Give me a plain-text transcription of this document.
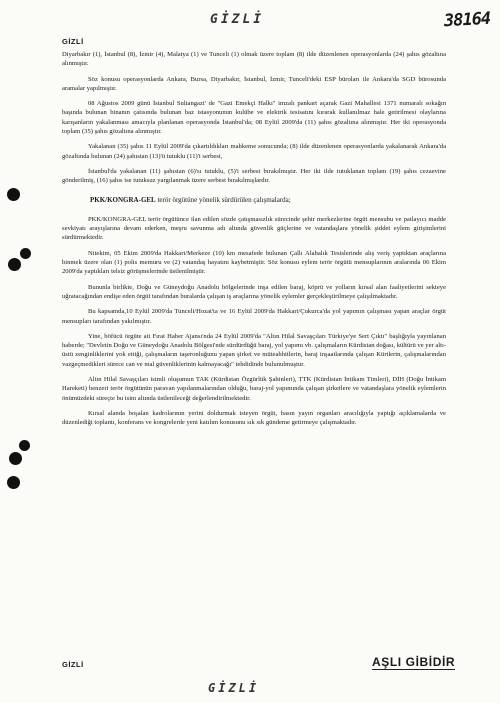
38164
GİZLİ
GİZLİ

Diyarbakır (1), İstanbul (8), İzmir (4), Malatya (1) ve Tunceli (1) olmak üzere toplam (8) ilde düzenlenen operasyonlarda (24) şahıs gözaltına alınmıştır.

Söz konusu operasyonlarda Ankara, Bursa, Diyarbakır, İstanbul, İzmir, Tunceli'deki ESP büroları ile Ankara'da SGD bürosunda aramalar yapılmıştır.

08 Ağustos 2009 günü İstanbul Sultangazi' de "Gazi Emekçi Halkı" imzalı pankart açarak Gazi Mahallesi 1371 numaralı sokağın başında bulunan binanın çatısında bulunan baz istasyonunun kulübe ve elektrik tesisatını kırarak kullanılmaz hale getirilmesi olaylarına karışanların yakalanması amacıyla planlanan operasyonda İstanbul'da; 08 Eylül 2009'da (11) şahıs gözaltına alınmıştır. Her iki operasyonda toplam (35) şahıs gözaltına alınmıştır.

Yakalanan (35) şahıs 11 Eylül 2009'da çıkartıldıkları mahkeme sonucunda; (8) ilde düzenlenen operasyonlarda yakalanarak Ankara'da gözaltında bulunan (24) şahıstan (13)'ü tutuklu (11)'i serbest,

İstanbul'da yakalanan (11) şahıstan (6)'sı tutuklu, (5)'i serbest bırakılmıştır. Her iki ilde tutuklanan toplam (19) şahıs cezaevine gönderilmiş, (16) şahıs ise tutuksuz yargılanmak üzere serbest bırakılmışlardır.

PKK/KONGRA-GEL terör örgütüne yönelik sürdürülen çalışmalarda;

PKK/KONGRA-GEL terör örgütünce ilan edilen sözde çatışmasızlık sürecinde şehir merkezlerine örgüt mensubu ve patlayıcı madde sevkiyatı arayışlarına devam ederken, meşru savunma adı altında güvenlik güçlerine ve vatandaşlara yönelik şiddet eylem girişimlerini sürdürmektedir.

Nitekim, 05 Ekim 2009'da Hakkari/Merkeze (10) km mesafede bulunan Çallı Alabalık Tesislerinde alış veriş yaptıktan araçlarına binmek üzere olan (1) polis memuru ve (2) vatandaş hayatını kaybetmiştir. Söz konusu eylem terör örgütü mensuplarının aralarında 06 Ekim 2009'da yaptıkları telsiz görüşmelerinde üstlenilmiştir.

Bununla birlikte, Doğu ve Güneydoğu Anadolu bölgelerinde inşa edilen baraj, köprü ve yolların kırsal alan faaliyetlerini sekteye uğratacağından endişe eden örgüt tarafından buralarda çalışan iş araçlarına yönelik eylemler gerçekleştirilmeye çalışılmaktadır.

Bu kapsamda,10 Eylül 2009'da Tunceli/Hozat'ta ve 16 Eylül 2009'da Hakkari/Çukurca'da yol yapımın çalışması yapan araçlar örgüt mensupları tarafından yakılmıştır.

Yine, böfücü örgüte ait Fırat Haber Ajansı'nda 24 Eylül 2009'da "Altın Hilal Savaşçıları Türkiye'ye Sert Çıktı" başlığıyla yayınlanan haberde; "Devletin Doğu ve Güneydoğu Anadolu Bölgesi'nde sürdürdüğü baraj, yol yapımı vb. çalışmaların Kürdistan doğası, kültürü ve yer altı-üstü zenginliklerini yok ettiği, çalışmaların taşeronluğunu yapan şirket ve müteahhitlerin, baraj inşaatlarında çalışan Kürtlerin, çalışmalarından vazgeçmedikleri sürece can ve mal güvenliklerinin kalmayacağı" tehdidinde bulunulmuştur.

Altın Hilal Savaşçıları isimli oluşumun TAK (Kürdistan Özgürlük Şahinleri), TTK (Kürdistan İntikam Timleri), DİH (Doğu İntikam Hareketi) benzeri terör örgütünün paravan yapılanmalarından olduğu, baraj-yol yapımında çalışan şirketlere ve vatandaşlara yönelik eylemlerin önümüzdeki süreçte bu isim altında üstlenileceği değerlendirilmektedir.

Kırsal alanda boşalan kadrolarının yerini doldurmak isteyen örgüt, basın yayın organları aracılığıyla yaptığı açıklamalarda ve düzenlediği toplantı, konferans ve kongrelerde yeni katılım konusunu sık sık gündeme getirmeye çalışmaktadır.

GİZLİ	AŞLI GİBİDİR
GİZLİ
